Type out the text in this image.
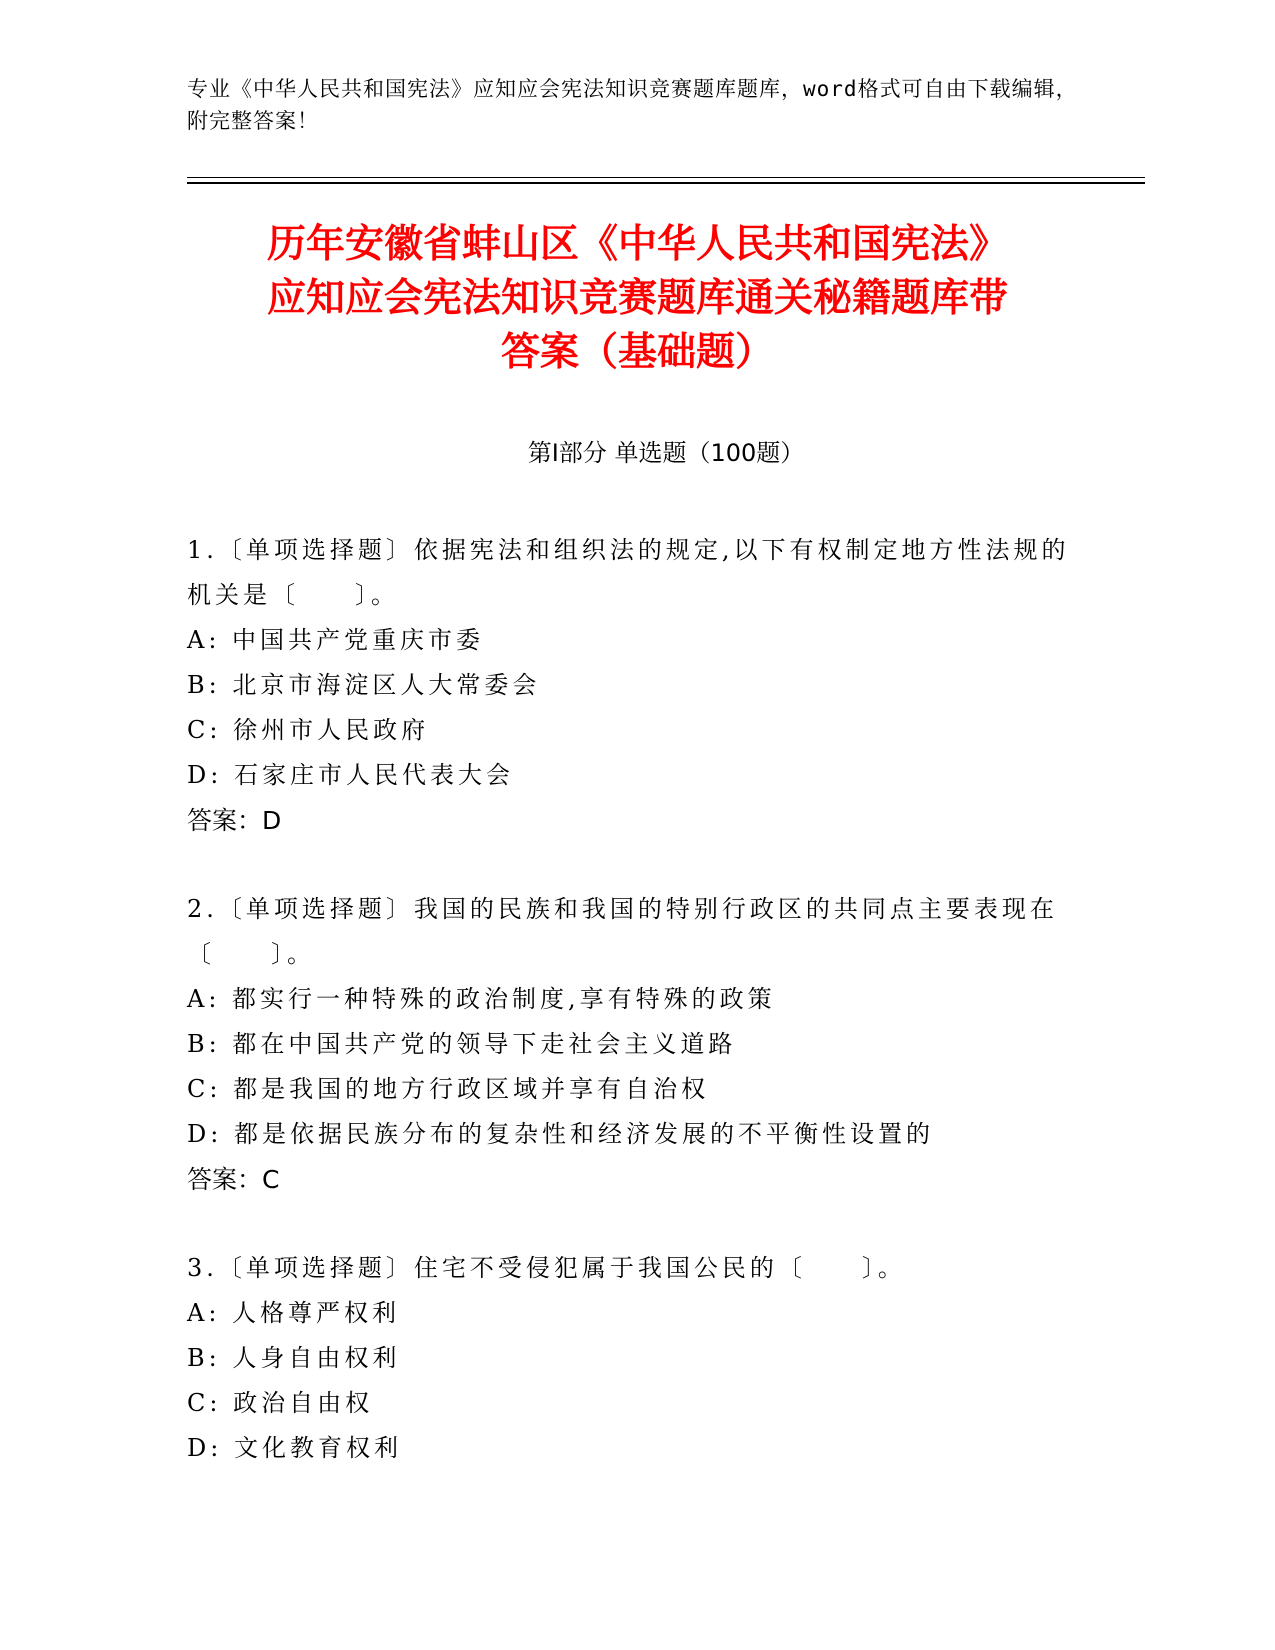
专业《中华人民共和国宪法》应知应会宪法知识竞赛题库题库，word格式可自由下载编辑，附完整答案！
历年安徽省蚌山区《中华人民共和国宪法》
应知应会宪法知识竞赛题库通关秘籍题库带
答案（基础题）
第Ⅰ部分 单选题（100题）
1.〔单项选择题〕依据宪法和组织法的规定,以下有权制定地方性法规的机关是〔　　〕。
A: 中国共产党重庆市委
B: 北京市海淀区人大常委会
C: 徐州市人民政府
D: 石家庄市人民代表大会
答案：D
2.〔单项选择题〕我国的民族和我国的特别行政区的共同点主要表现在〔　　〕。
A: 都实行一种特殊的政治制度,享有特殊的政策
B: 都在中国共产党的领导下走社会主义道路
C: 都是我国的地方行政区域并享有自治权
D: 都是依据民族分布的复杂性和经济发展的不平衡性设置的
答案：C
3.〔单项选择题〕住宅不受侵犯属于我国公民的〔　　〕。
A: 人格尊严权利
B: 人身自由权利
C: 政治自由权
D: 文化教育权利
